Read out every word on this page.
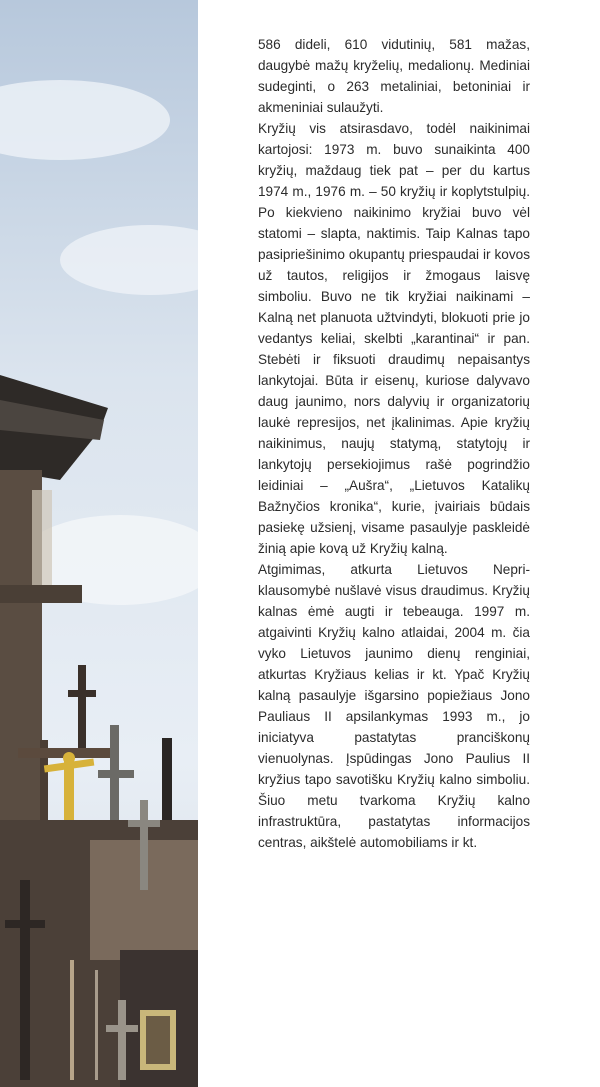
586 dideli, 610 vidutinių, 581 mažas, daugybė mažų kryželių, medalionų. Mediniai sudeginti, o 263 metaliniai, betoniniai ir akmeniniai sulaužyti.

Kryžių vis atsirasdavo, todėl naikinimai kartojosi: 1973 m. buvo sunaikinta 400 kryžių, maždaug tiek pat – per du kartus 1974 m., 1976 m. – 50 kryžių ir koplytstulpių. Po kiekvieno naikinimo kryžiai buvo vėl statomi – slapta, naktimis. Taip Kalnas tapo pasipriešinimo okupantų priespaudai ir kovos už tautos, religijos ir žmogaus laisvę simboliu. Buvo ne tik kryžiai naikinami – Kalną net planuota užtvindyti, blokuoti prie jo vedantys keliai, skelbti „karantinai“ ir pan. Stebėti ir fiksuoti draudimų nepaisantys lankytojai. Būta ir eisenų, kuriose dalyvavo daug jaunimo, nors dalyvių ir organizatorių laukė represijos, net įkalinimas. Apie kryžių naikinimus, naujų statymą, statytojų ir lankytojų persekiojimus rašė pogrindžio leidiniai – „Aušra“, „Lietuvos Katalikų Bažnyčios kronika“, kurie, įvairiais būdais pasiekę užsienį, visame pasaulyje paskleidė žinią apie kovą už Kryžių kalną.

Atgimimas, atkurta Lietuvos Nepriklausomybė nušlavė visus draudimus. Kryžių kalnas ėmė augti ir tebeauga. 1997 m. atgaivinti Kryžių kalno atlaidai, 2004 m. čia vyko Lietuvos jaunimo dienų renginiai, atkurtas Kryžiaus kelias ir kt. Ypač Kryžių kalną pasaulyje išgarsino popiežiaus Jono Pauliaus II apsilankymas 1993 m., jo iniciatyva pastatytas pranciškonų vienuolynas. Įspūdingas Jono Paulius II kryžius tapo savotišku Kryžių kalno simboliu. Šiuo metu tvarkoma Kryžių kalno infrastruktūra, pastatytas informacijos centras, aikštelė automobiliams ir kt.
